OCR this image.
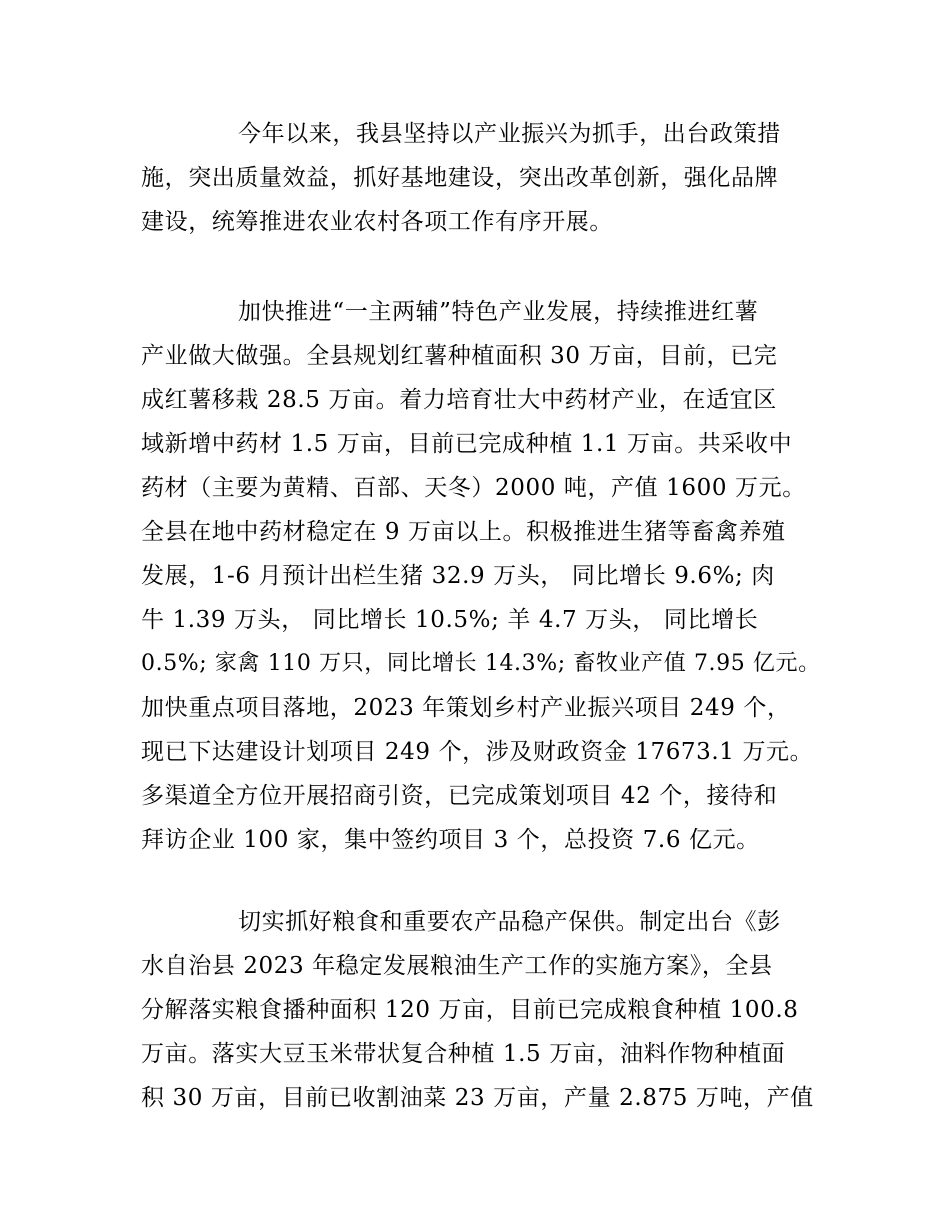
今年以来，我县坚持以产业振兴为抓手，出台政策措
施，突出质量效益，抓好基地建设，突出改革创新，强化品牌
建设，统筹推进农业农村各项工作有序开展。
加快推进“一主两辅”特色产业发展，持续推进红薯
产业做大做强。全县规划红薯种植面积 30 万亩，目前，已完
成红薯移栽 28.5 万亩。着力培育壮大中药材产业，在适宜区
域新增中药材 1.5 万亩，目前已完成种植 1.1 万亩。共采收中
药材（主要为黄精、百部、天冬）2000 吨，产值 1600 万元。
全县在地中药材稳定在 9 万亩以上。积极推进生猪等畜禽养殖
发展，1-6 月预计出栏生猪 32.9 万头， 同比增长 9.6%; 肉
牛 1.39 万头， 同比增长 10.5%; 羊 4.7 万头， 同比增长
0.5%; 家禽 110 万只，同比增长 14.3%; 畜牧业产值 7.95 亿元。
加快重点项目落地，2023 年策划乡村产业振兴项目 249 个，
现已下达建设计划项目 249 个，涉及财政资金 17673.1 万元。
多渠道全方位开展招商引资，已完成策划项目 42 个，接待和
拜访企业 100 家，集中签约项目 3 个，总投资 7.6 亿元。
切实抓好粮食和重要农产品稳产保供。制定出台《彭
水自治县 2023 年稳定发展粮油生产工作的实施方案》，全县
分解落实粮食播种面积 120 万亩，目前已完成粮食种植 100.8
万亩。落实大豆玉米带状复合种植 1.5 万亩，油料作物种植面
积 30 万亩，目前已收割油菜 23 万亩，产量 2.875 万吨，产值
